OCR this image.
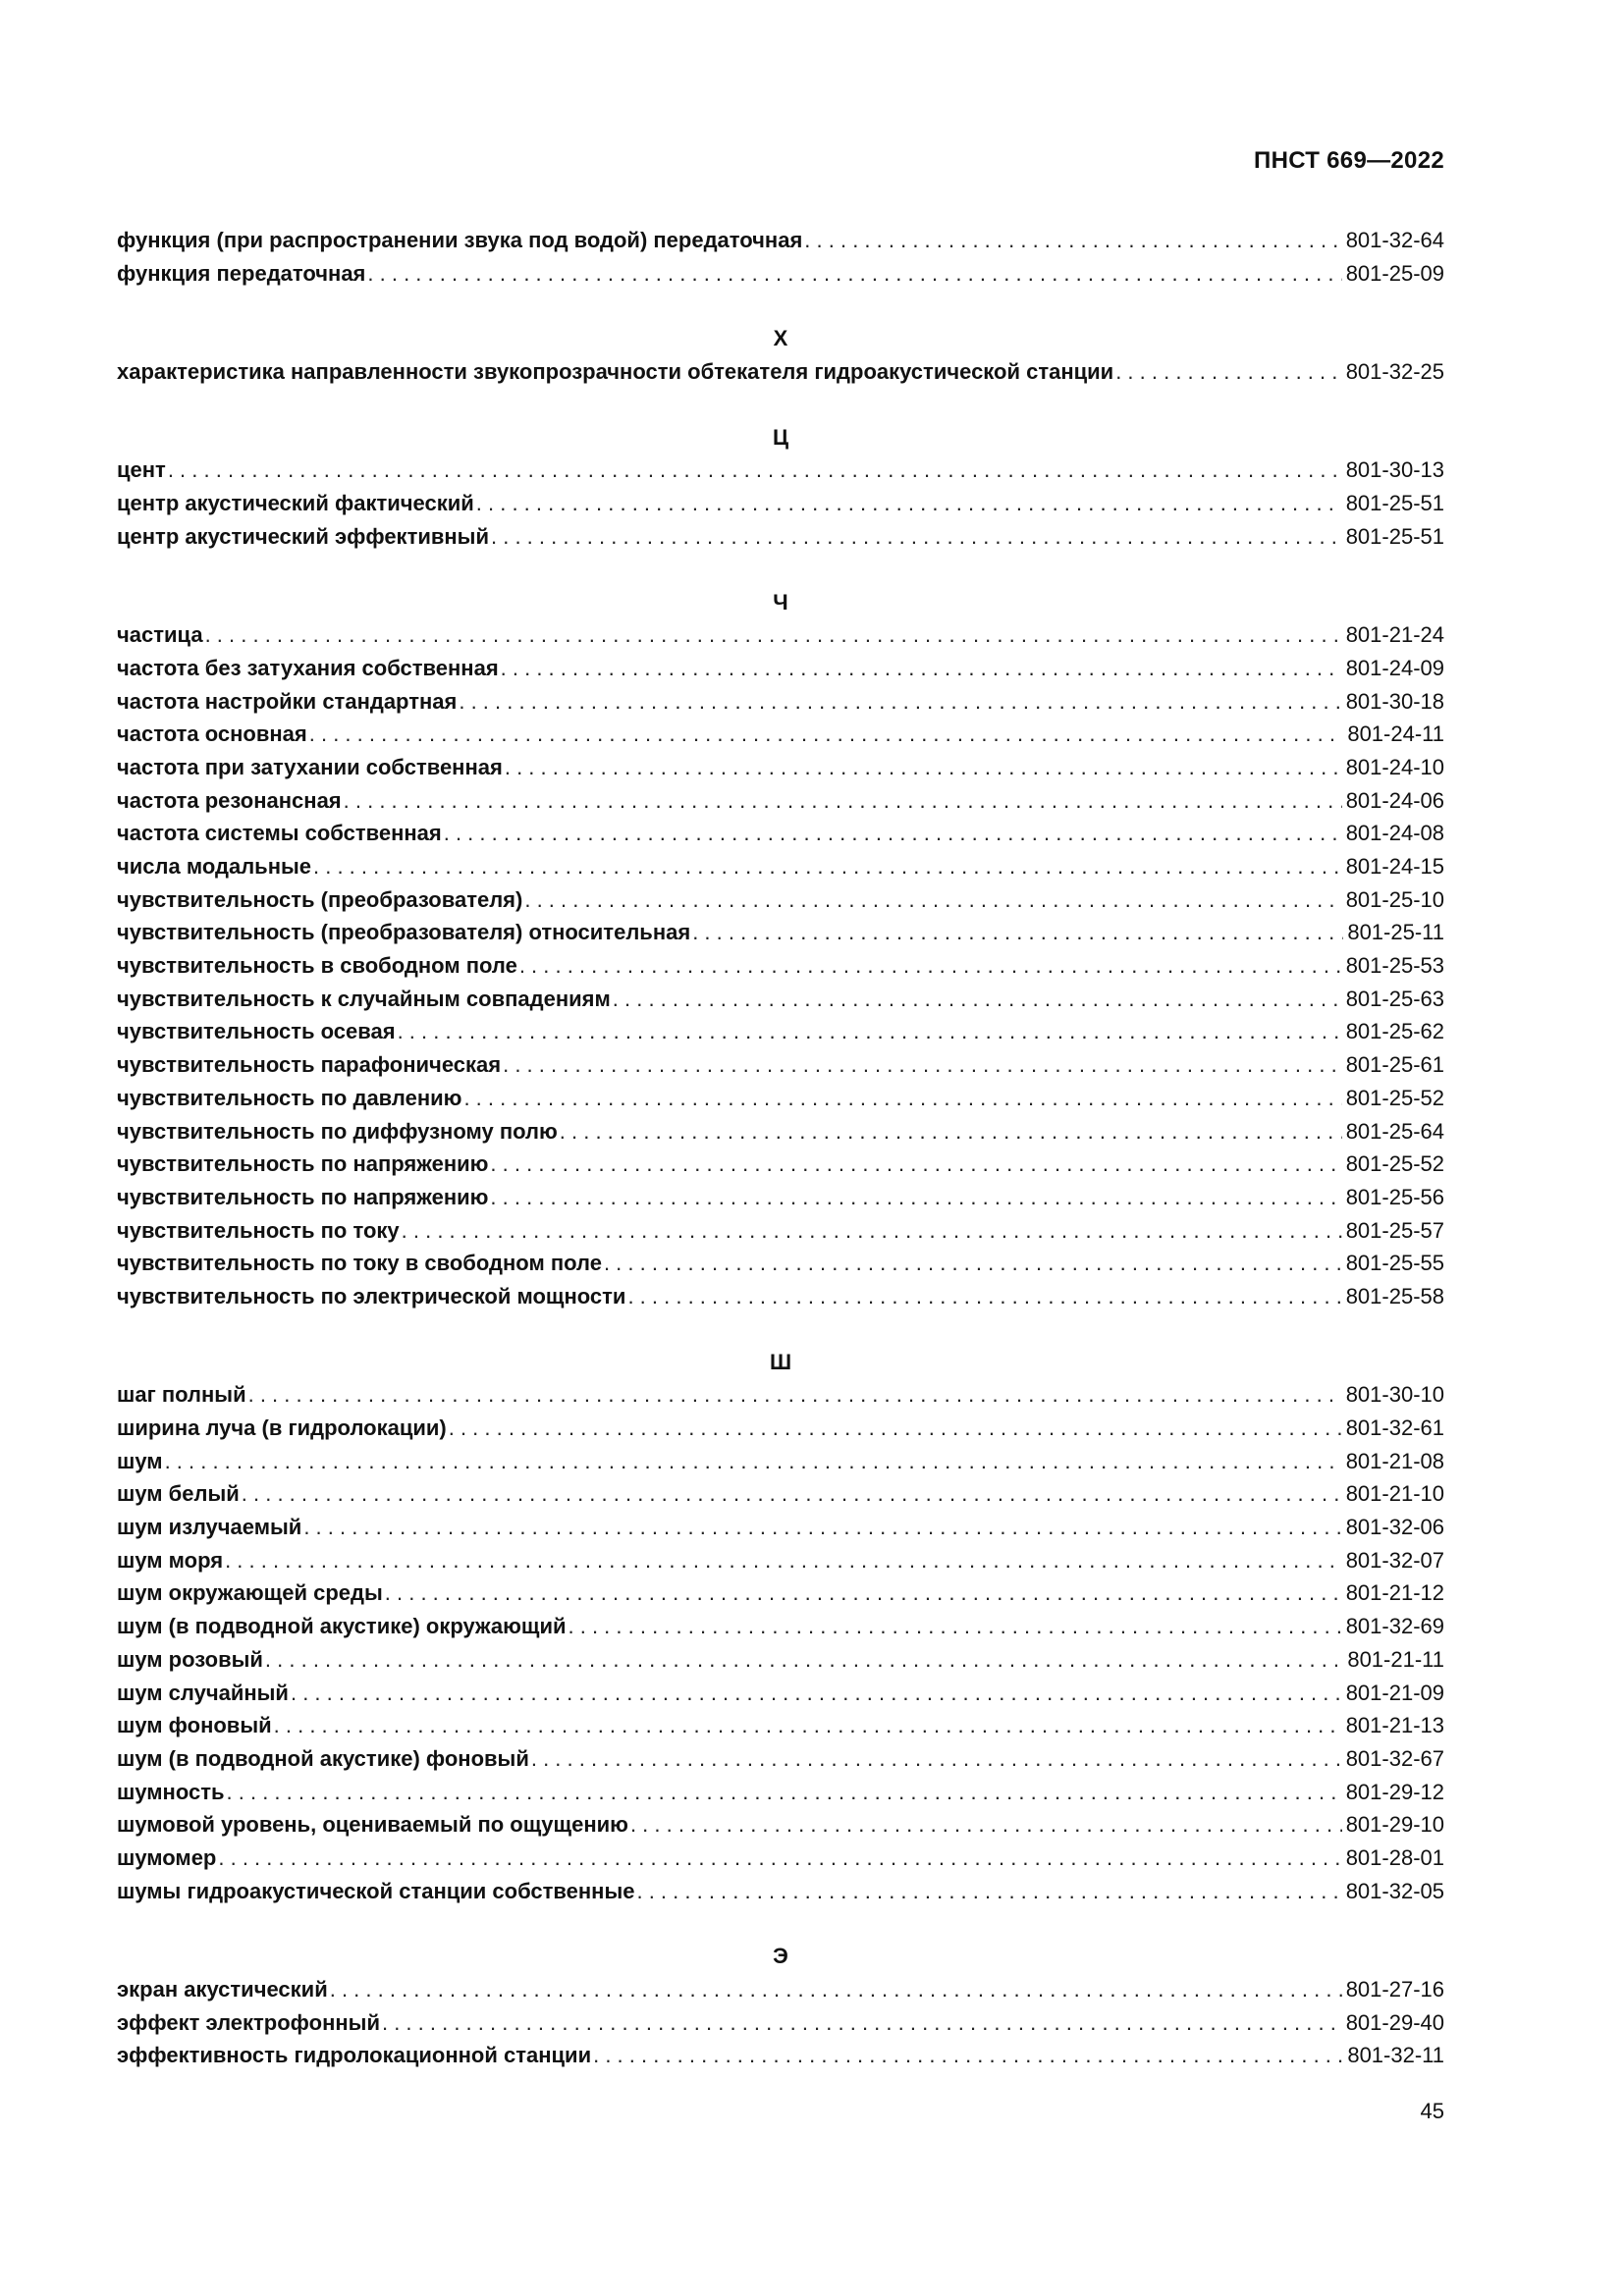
ПНСТ 669—2022
функция (при распространении звука под водой) передаточная . . .	801-32-64
функция передаточная . . .	801-25-09
Х
характеристика направленности звукопрозрачности обтекателя гидроакустической станции . . .	801-32-25
Ц
цент . . .	801-30-13
центр акустический фактический . . .	801-25-51
центр акустический эффективный . . .	801-25-51
Ч
частица . . .	801-21-24
частота без затухания собственная . . .	801-24-09
частота настройки стандартная . . .	801-30-18
частота основная . . .	801-24-11
частота при затухании собственная . . .	801-24-10
частота резонансная . . .	801-24-06
частота системы собственная . . .	801-24-08
числа модальные . . .	801-24-15
чувствительность (преобразователя) . . .	801-25-10
чувствительность (преобразователя) относительная . . .	801-25-11
чувствительность в свободном поле . . .	801-25-53
чувствительность к случайным совпадениям . . .	801-25-63
чувствительность осевая . . .	801-25-62
чувствительность парафоническая . . .	801-25-61
чувствительность по давлению . . .	801-25-52
чувствительность по диффузному полю . . .	801-25-64
чувствительность по напряжению . . .	801-25-52
чувствительность по напряжению . . .	801-25-56
чувствительность по току . . .	801-25-57
чувствительность по току в свободном поле . . .	801-25-55
чувствительность по электрической мощности . . .	801-25-58
Ш
шаг полный . . .	801-30-10
ширина луча (в гидролокации) . . .	801-32-61
шум . . .	801-21-08
шум белый . . .	801-21-10
шум излучаемый . . .	801-32-06
шум моря . . .	801-32-07
шум окружающей среды . . .	801-21-12
шум (в подводной акустике) окружающий . . .	801-32-69
шум розовый . . .	801-21-11
шум случайный . . .	801-21-09
шум фоновый . . .	801-21-13
шум (в подводной акустике) фоновый . . .	801-32-67
шумность . . .	801-29-12
шумовой уровень, оцениваемый по ощущению . . .	801-29-10
шумомер . . .	801-28-01
шумы гидроакустической станции собственные . . .	801-32-05
Э
экран акустический . . .	801-27-16
эффект электрофонный . . .	801-29-40
эффективность гидролокационной станции . . .	801-32-11
45
